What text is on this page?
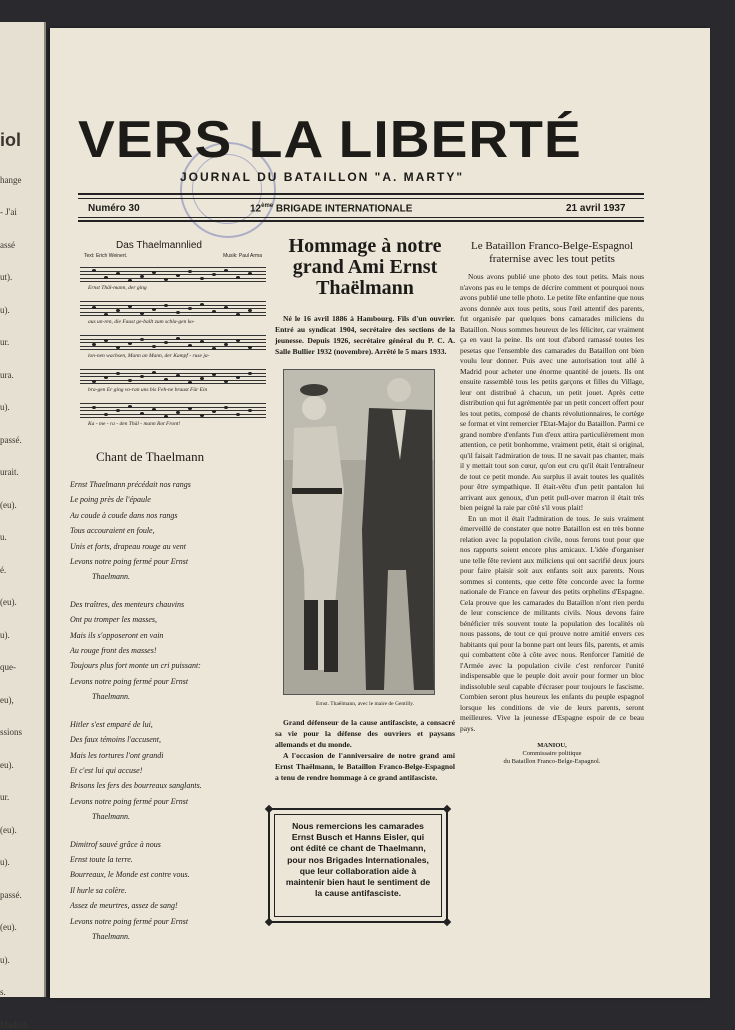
iol
hange
- J'ai
assé
ut).
u).
ur.
ura.
u).
passé.
urait.
(eu).
u.
é.
(eu).
u).
que-
eu),
ssions
eu).
ur.
(eu).
u).
passé.
(eu).
u).
s.
Madrid.
VERS LA LIBERTÉ
JOURNAL DU BATAILLON "A. MARTY"
Numéro 30	12ème BRIGADE INTERNATIONALE	21 avril 1937
Das Thaelmannlied
Text: Erich Weinert.	Musik: Paul Arma
Ernst Thäl-mann, der ging
aus un-ren, die Faust ge-ballt zum schla-gen ko-
lon-nen wachsen, Mann an Mann, der Kampf - ruse ja-
bra-gen Er ging vo-ran uns bis Feh-ne braust Für Ein
Ka - me - ra - den Thäl - mann Rot Front!
Chant de Thaelmann
Ernst Thaelmann précédait nos rangs
Le poing près de l'épaule
Au coude à coude dans nos rangs
Tous accouraient en foule,
Unis et forts, drapeau rouge au vent
Levons notre poing fermé pour Ernst
Thaelmann.
Des traîtres, des menteurs chauvins
Ont pu tromper les masses,
Mais ils s'opposeront en vain
Au rouge front des masses!
Toujours plus fort monte un cri puissant:
Levons notre poing fermé pour Ernst
Thaelmann.
Hitler s'est emparé de lui,
Des faux témoins l'accusent,
Mais les tortures l'ont grandi
Et c'est lui qui accuse!
Brisons les fers des bourreaux sanglants.
Levons notre poing fermé pour Ernst
Thaelmann.
Dimitrof sauvé grâce à nous
Ernst toute la terre.
Bourreaux, le Monde est contre vous.
Il hurle sa colère.
Assez de meurtres, assez de sang!
Levons notre poing fermé pour Ernst
Thaelmann.
Hommage à notre grand Ami Ernst Thaëlmann
Né le 16 avril 1886 à Hambourg. Fils d'un ouvrier. Entré au syndicat 1904, secrétaire des sections de la jeunesse. Depuis 1926, secrétaire général du P. C. A. Salle Bullier 1932 (novembre). Arrêté le 5 mars 1933.
Ernst. Thaëlmann, avec le maire de Gentilly.

Grand défenseur de la cause antifasciste, a consacré sa vie pour la défense des ouvriers et paysans allemands et du monde.

A l'occasion de l'anniversaire de notre grand ami Ernst Thaëlmann, le Bataillon Franco-Belge-Espagnol a tenu de rendre hommage à ce grand antifasciste.

Nous remercions les camarades Ernst Busch et Hanns Eisler, qui ont édité ce chant de Thaelmann, pour nos Brigades Internationales, que leur collaboration aide à maintenir bien haut le sentiment de la cause antifasciste.
Le Bataillon Franco-Belge-Espagnol fraternise avec les tout petits

Nous avons publié une photo des tout petits. Mais nous n'avons pas eu le temps de décrire comment et pourquoi nous avons publié une telle photo. Le petite fête enfantine que nous avons donnée aux tous petits, sous l'œil attentif des parents, fut organisée par quelques bons camarades miliciens du Bataillon. Nous sommes heureux de les féliciter, car vraiment ça en vaut la peine. Ils ont tout d'abord ramassé toutes les pesetas que l'ensemble des camarades du Bataillon ont bien voulu leur donner. Puis avec une autorisation tout allé à Madrid pour acheter une énorme quantité de jouets. Ils ont ensuite rassemblé tous les petits garçons et filles du Village, leur ont distribué à chacun, un petit jouet. Après cette distribution qui fut agrémentée par un petit concert offert pour les tout petits, composé de chants révolutionnaires, le cortège se format et vint remercier l'Etat-Major du Bataillon. Parmi ce grand nombre d'enfants l'un d'eux attira particulièrement mon attention, ce petit bonhomme, vraiment petit, était si original, qu'il faisait l'admiration de tous. Il ne savait pas chanter, mais il y mettait tout son cœur, qu'on eut cru qu'il était l'entraîneur de tout ce petit monde. Au surplus il avait toutes les qualités pour être sympathique. Il était-vêtu d'un petit pantalon lui arrivant aux genoux, d'un petit pull-over marron il était très bien peigné la raie par côté s'il vous plait!

En un mot il était l'admiration de tous. Je suis vraiment émerveillé de constater que notre Bataillon est en très bonne relation avec la population civile, nous ferons tout pour que nos rapports soient encore plus amicaux. L'idée d'organiser une telle fête revient aux miliciens qui ont sacrifié deux jours pour faire plaisir soit aux enfants soit aux parents. Nous sommes si contents, que cette fête concorde avec la forme nationale de France en faveur des petits orphelins d'Espagne. Cela prouve que les camarades du Bataillon n'ont rien perdu de leur conscience de militants civils. Nous devons faire bénéficier très souvent toute la population des localités où nous passons, de tout ce qui prouve notre amitié envers ces habitants qui pour la bonne part ont leurs fils, parents, et amis qui combattent côte à côte avec nous. Renforcer l'amitié de l'Armée avec la population civile c'est renforcer l'unité indispensable que le peuple doit avoir pour former un bloc indissoluble seul capable d'écraser pour toujours le fascisme. Combien seront plus heureux les enfants du peuple espagnol lorsque les conditions de vie de leurs parents, seront meilleures. Vive la jeunesse d'Espagne espoir de ce beau pays.

MANIOU,
Commissaire politique
du Bataillon Franco-Belge-Espagnol.
